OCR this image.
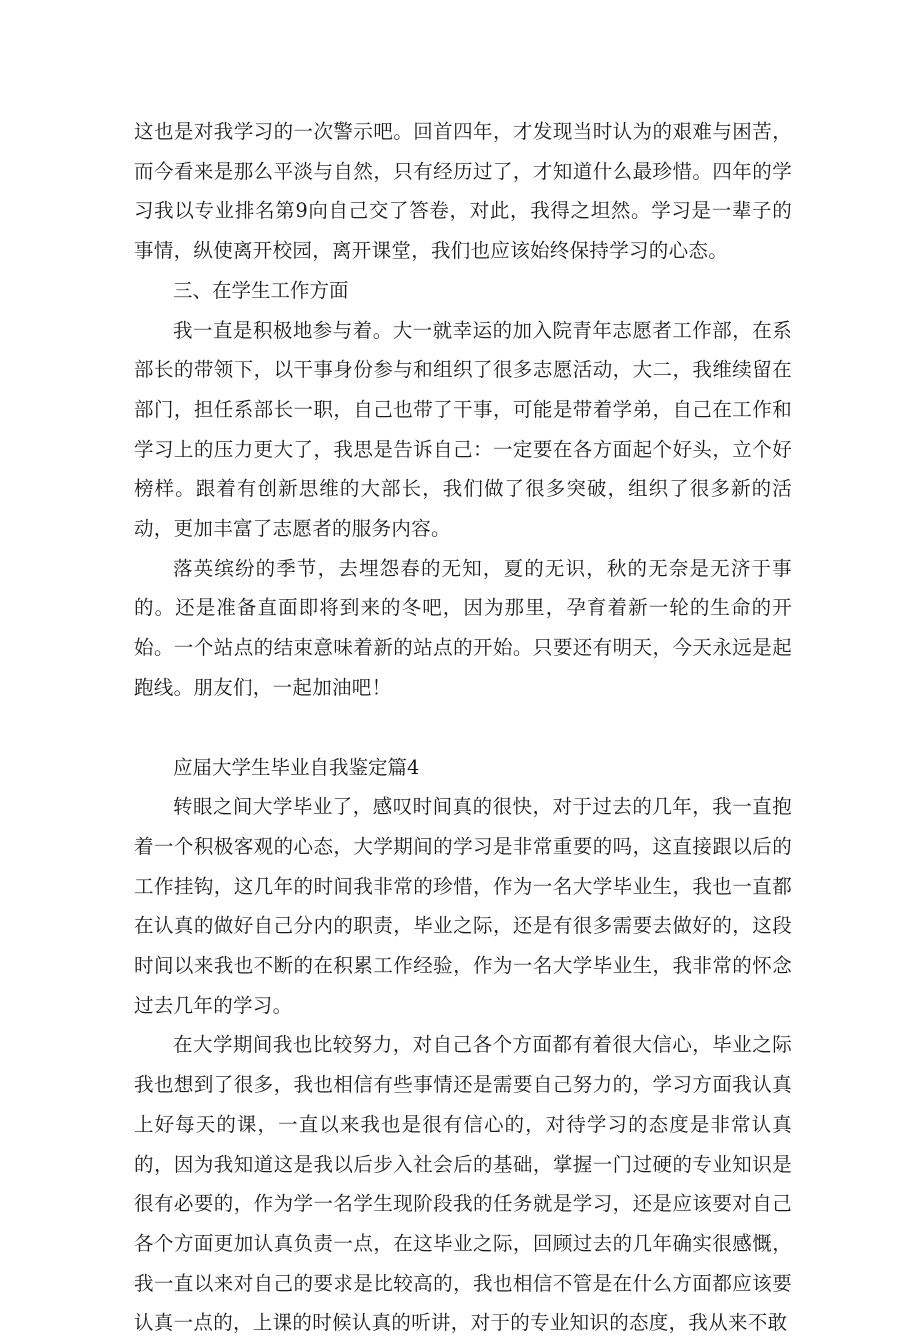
这也是对我学习的一次警示吧。回首四年，才发现当时认为的艰难与困苦，而今看来是那么平淡与自然，只有经历过了，才知道什么最珍惜。四年的学习我以专业排名第9向自己交了答卷，对此，我得之坦然。学习是一辈子的事情，纵使离开校园，离开课堂，我们也应该始终保持学习的心态。

三、在学生工作方面

我一直是积极地参与着。大一就幸运的加入院青年志愿者工作部，在系部长的带领下，以干事身份参与和组织了很多志愿活动，大二，我维续留在部门，担任系部长一职，自己也带了干事，可能是带着学弟，自己在工作和学习上的压力更大了，我思是告诉自己：一定要在各方面起个好头，立个好榜样。跟着有创新思维的大部长，我们做了很多突破，组织了很多新的活动，更加丰富了志愿者的服务内容。

落英缤纷的季节，去埋怨春的无知，夏的无识，秋的无奈是无济于事的。还是准备直面即将到来的冬吧，因为那里，孕育着新一轮的生命的开始。一个站点的结束意味着新的站点的开始。只要还有明天，今天永远是起跑线。朋友们，一起加油吧！

应届大学生毕业自我鉴定篇4

转眼之间大学毕业了，感叹时间真的很快，对于过去的几年，我一直抱着一个积极客观的心态，大学期间的学习是非常重要的吗，这直接跟以后的工作挂钩，这几年的时间我非常的珍惜，作为一名大学毕业生，我也一直都在认真的做好自己分内的职责，毕业之际，还是有很多需要去做好的，这段时间以来我也不断的在积累工作经验，作为一名大学毕业生，我非常的怀念过去几年的学习。

在大学期间我也比较努力，对自己各个方面都有着很大信心，毕业之际我也想到了很多，我也相信有些事情还是需要自己努力的，学习方面我认真上好每天的课，一直以来我也是很有信心的，对待学习的态度是非常认真的，因为我知道这是我以后步入社会后的基础，掌握一门过硬的专业知识是很有必要的，作为学一名学生现阶段我的任务就是学习，还是应该要对自己各个方面更加认真负责一点，在这毕业之际，回顾过去的几年确实很感慨，我一直以来对自己的要求是比较高的，我也相信不管是在什么方面都应该要认真一点的，上课的时候认真的听讲，对于的专业知识的态度，我从来不敢
